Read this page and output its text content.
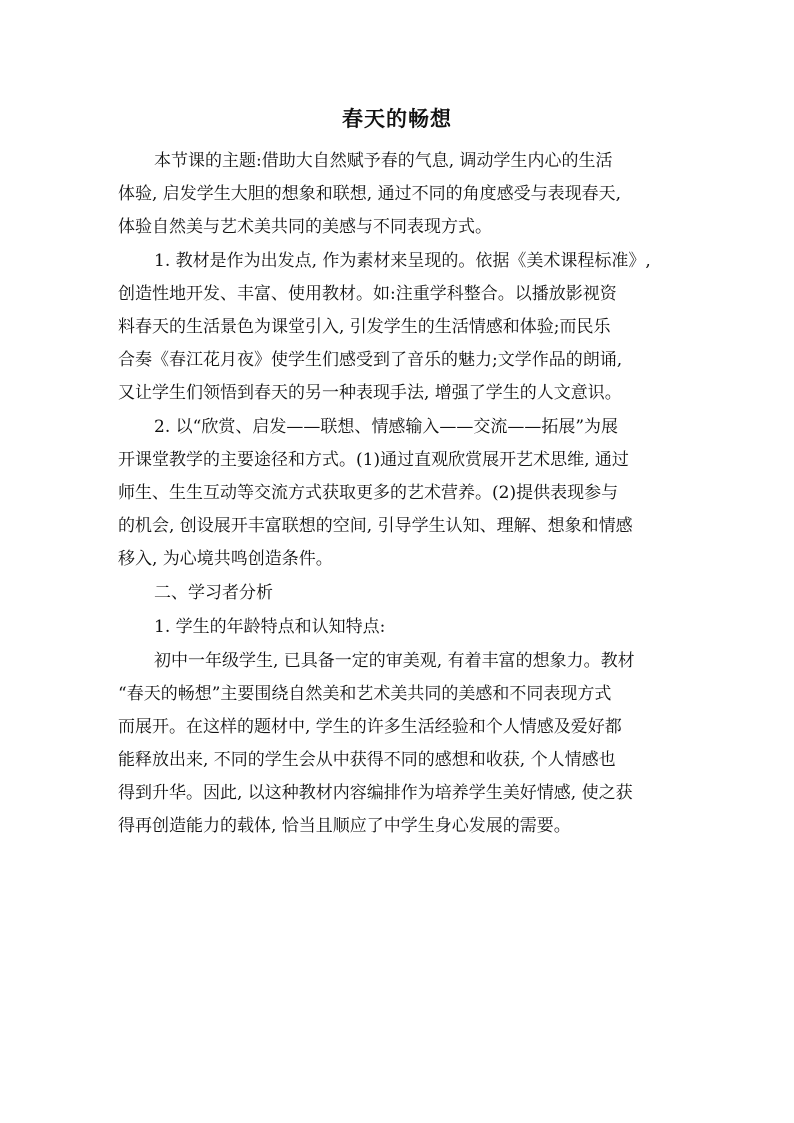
春天的畅想

本节课的主题:借助大自然赋予春的气息, 调动学生内心的生活

体验, 启发学生大胆的想象和联想, 通过不同的角度感受与表现春天,

体验自然美与艺术美共同的美感与不同表现方式。

1. 教材是作为出发点, 作为素材来呈现的。依据《美术课程标准》,

创造性地开发、丰富、使用教材。如:注重学科整合。以播放影视资

料春天的生活景色为课堂引入, 引发学生的生活情感和体验;而民乐

合奏《春江花月夜》使学生们感受到了音乐的魅力;文学作品的朗诵,

又让学生们领悟到春天的另一种表现手法, 增强了学生的人文意识。

2. 以“欣赏、启发——联想、情感输入——交流——拓展”为展

开课堂教学的主要途径和方式。(1)通过直观欣赏展开艺术思维, 通过

师生、生生互动等交流方式获取更多的艺术营养。(2)提供表现参与

的机会, 创设展开丰富联想的空间, 引导学生认知、理解、想象和情感

移入, 为心境共鸣创造条件。

二、学习者分析

1. 学生的年龄特点和认知特点:

初中一年级学生, 已具备一定的审美观, 有着丰富的想象力。教材

“春天的畅想”主要围绕自然美和艺术美共同的美感和不同表现方式

而展开。在这样的题材中, 学生的许多生活经验和个人情感及爱好都

能释放出来, 不同的学生会从中获得不同的感想和收获, 个人情感也

得到升华。因此, 以这种教材内容编排作为培养学生美好情感, 使之获

得再创造能力的载体, 恰当且顺应了中学生身心发展的需要。
